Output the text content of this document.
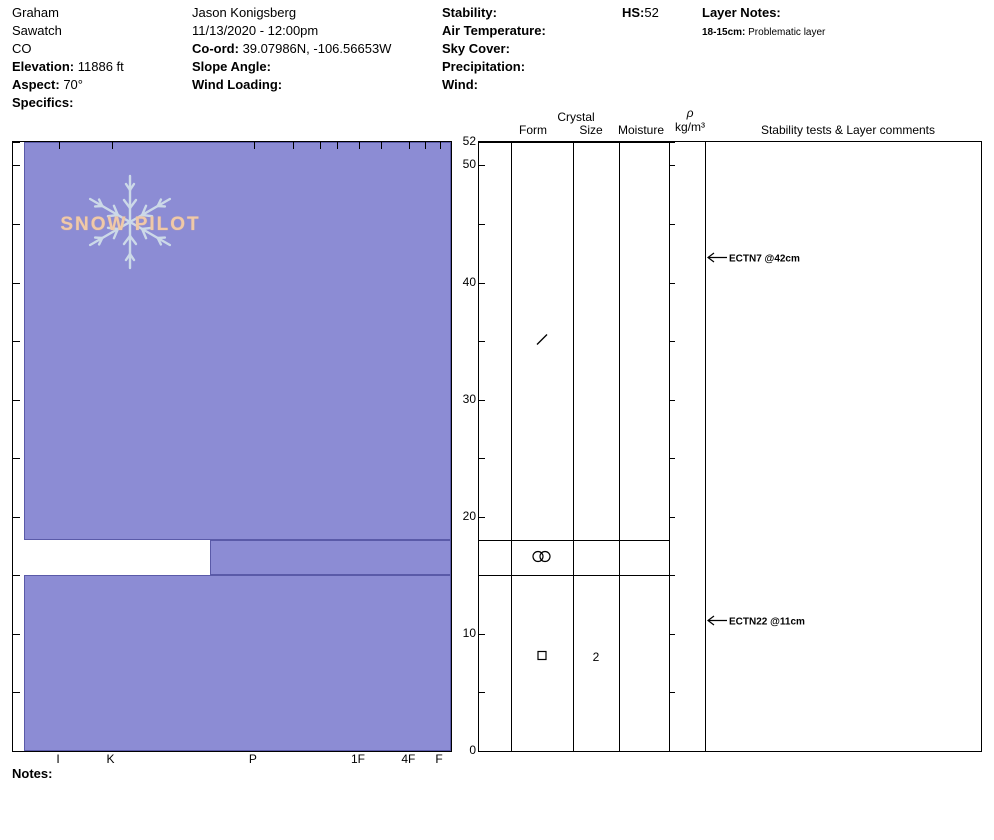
Graham
Sawatch
CO
Elevation: 11886 ft
Aspect: 70°
Specifics:
Jason Konigsberg
11/13/2020 - 12:00pm
Co-ord: 39.07986N, -106.56653W
Slope Angle:
Wind Loading:
Stability:
Air Temperature:
Sky Cover:
Precipitation:
Wind:
HS:52	Layer Notes:
18-15cm: Problematic layer
Form
Crystal
Size	Moisture
ρ
kg/m³	Stability tests & Layer comments
SNOW PILOT
I	K	P	1F	4F F
52
50
40
30
20
10
0
2
ECTN7 @42cm
ECTN22 @11cm
Notes:
